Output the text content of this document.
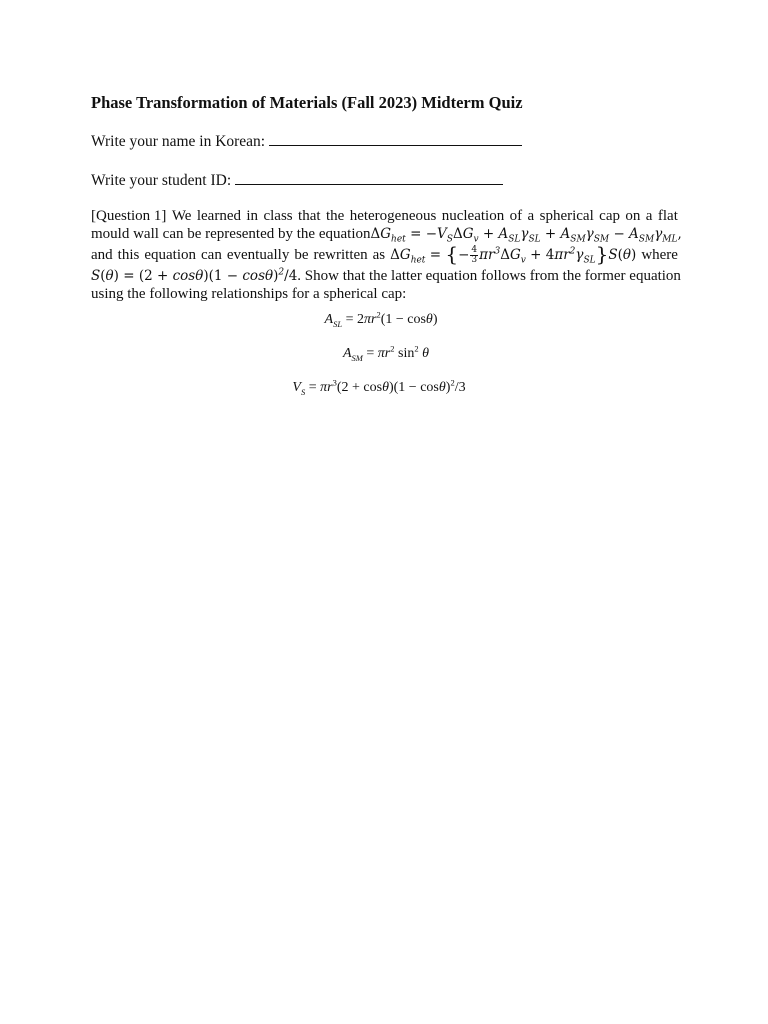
Phase Transformation of Materials (Fall 2023) Midterm Quiz
Write your name in Korean:
Write your student ID:
[Question 1] We learned in class that the heterogeneous nucleation of a spherical cap on a flat
mould wall can be represented by the equation $\Delta G_{het} = -V_S\Delta G_v + A_{SL}\gamma_{SL} + A_{SM}\gamma_{SM} - A_{SM}\gamma_{ML}$,
and this equation can eventually be rewritten as $\Delta G_{het}$ = {− $\frac{4}{3} \pi r^3\Delta G_v + 4\pi r^2\gamma_{SL}\}S(\theta)$ where
$S(\theta) = (2 + \cos\theta)(1 - \cos\theta)^2/4$ . Show that the latter equation follows from the former equation
using the following relationships for a spherical cap:
$A_{SL} = 2\pi r^2(1 - \cos\theta)$
$A_{SM} = \pi r^2$ $\sin^2 \theta$
$V_S = \pi r^3(2 + \cos\theta)(1 - \cos\theta)^2/3$
